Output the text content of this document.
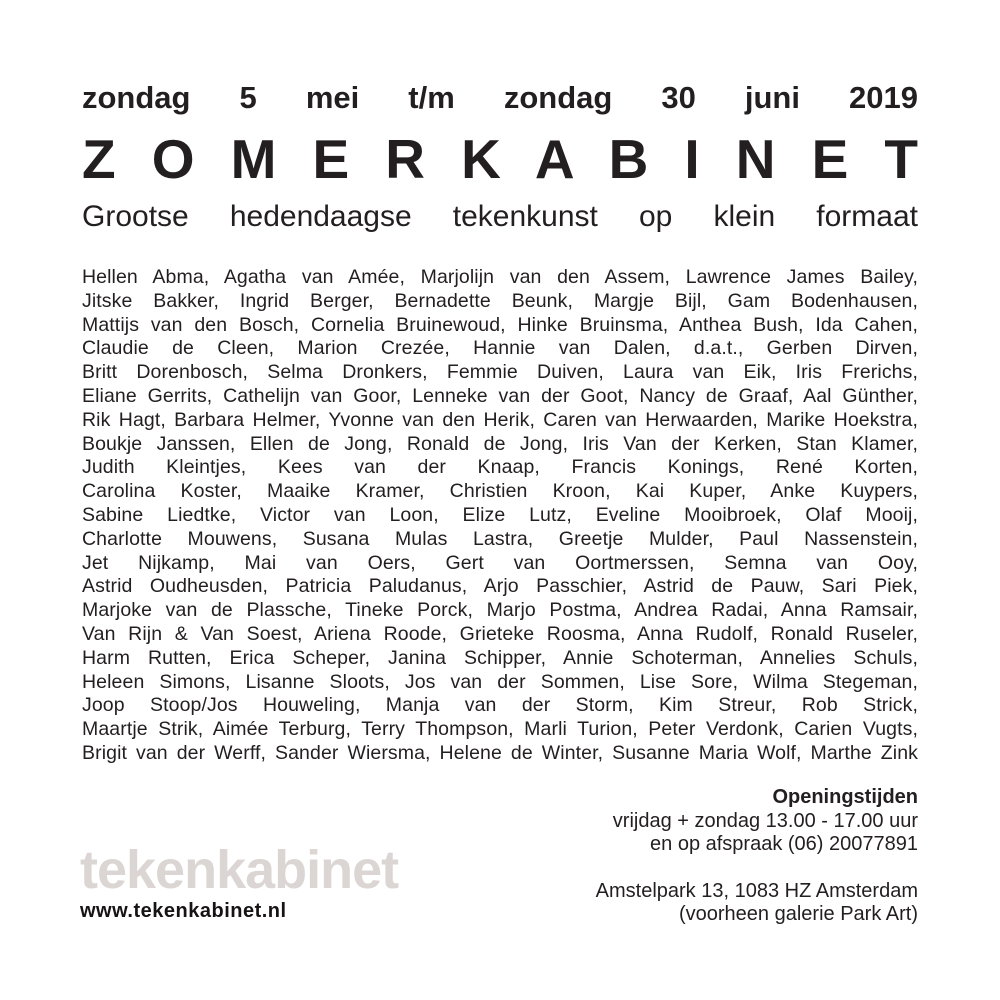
zondag 5 mei t/m zondag 30 juni 2019
Z O M E R K A B I N E T
Grootse hedendaagse tekenkunst op klein formaat
Hellen Abma, Agatha van Amée, Marjolijn van den Assem, Lawrence James Bailey,
Jitske Bakker, Ingrid Berger, Bernadette Beunk, Margje Bijl, Gam Bodenhausen,
Mattijs van den Bosch, Cornelia Bruinewoud, Hinke Bruinsma, Anthea Bush, Ida Cahen,
Claudie de Cleen, Marion Crezée, Hannie van Dalen, d.a.t., Gerben Dirven,
Britt Dorenbosch, Selma Dronkers, Femmie Duiven, Laura van Eik, Iris Frerichs,
Eliane Gerrits, Cathelijn van Goor, Lenneke van der Goot, Nancy de Graaf, Aal Günther,
Rik Hagt, Barbara Helmer, Yvonne van den Herik, Caren van Herwaarden, Marike Hoekstra,
Boukje Janssen, Ellen de Jong, Ronald de Jong, Iris Van der Kerken, Stan Klamer,
Judith Kleintjes, Kees van der Knaap, Francis Konings, René Korten,
Carolina Koster, Maaike Kramer, Christien Kroon, Kai Kuper, Anke Kuypers,
Sabine Liedtke, Victor van Loon, Elize Lutz, Eveline Mooibroek, Olaf Mooij,
Charlotte Mouwens, Susana Mulas Lastra, Greetje Mulder, Paul Nassenstein,
Jet Nijkamp, Mai van Oers, Gert van Oortmerssen, Semna van Ooy,
Astrid Oudheusden, Patricia Paludanus, Arjo Passchier, Astrid de Pauw, Sari Piek,
Marjoke van de Plassche, Tineke Porck, Marjo Postma, Andrea Radai, Anna Ramsair,
Van Rijn & Van Soest, Ariena Roode, Grieteke Roosma, Anna Rudolf, Ronald Ruseler,
Harm Rutten, Erica Scheper, Janina Schipper, Annie Schoterman, Annelies Schuls,
Heleen Simons, Lisanne Sloots, Jos van der Sommen, Lise Sore, Wilma Stegeman,
Joop Stoop/Jos Houweling, Manja van der Storm, Kim Streur, Rob Strick,
Maartje Strik, Aimée Terburg, Terry Thompson, Marli Turion, Peter Verdonk, Carien Vugts,
Brigit van der Werff, Sander Wiersma, Helene de Winter, Susanne Maria Wolf, Marthe Zink
Openingstijden
vrijdag + zondag 13.00 - 17.00 uur
en op afspraak (06) 20077891
Amstelpark 13, 1083 HZ Amsterdam
(voorheen galerie Park Art)
tekenkabinet
www.tekenkabinet.nl
